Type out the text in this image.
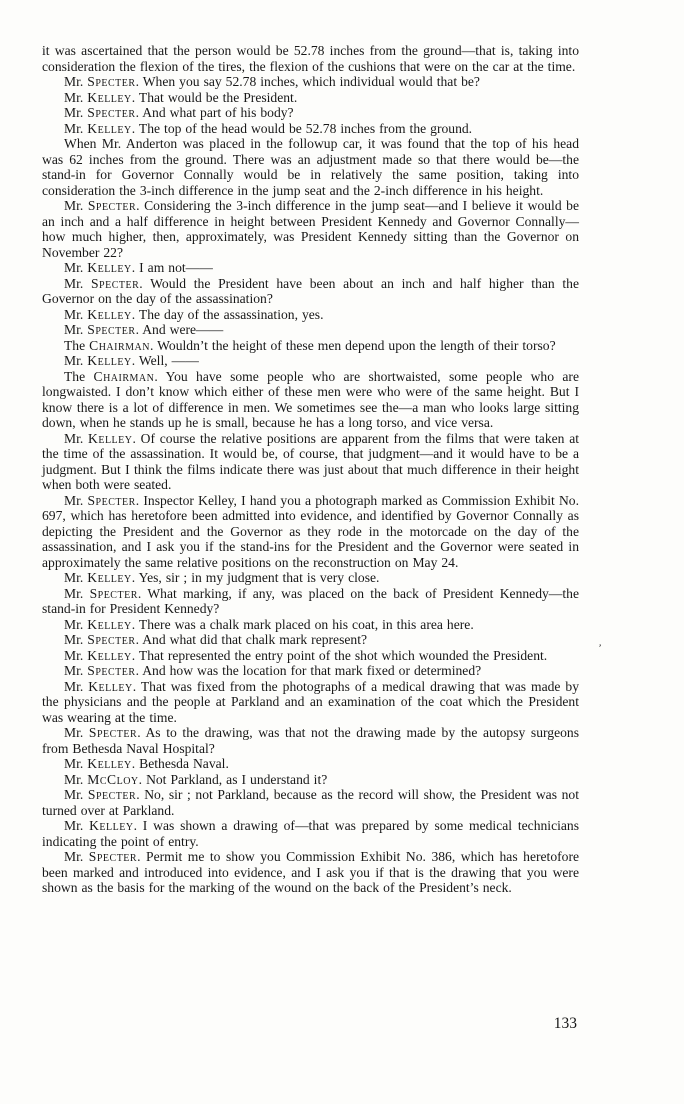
it was ascertained that the person would be 52.78 inches from the ground—that is, taking into consideration the flexion of the tires, the flexion of the cushions that were on the car at the time.

Mr. Specter. When you say 52.78 inches, which individual would that be?

Mr. Kelley. That would be the President.

Mr. Specter. And what part of his body?

Mr. Kelley. The top of the head would be 52.78 inches from the ground.

When Mr. Anderton was placed in the followup car, it was found that the top of his head was 62 inches from the ground. There was an adjustment made so that there would be—the stand-in for Governor Connally would be in relatively the same position, taking into consideration the 3-inch difference in the jump seat and the 2-inch difference in his height.

Mr. Specter. Considering the 3-inch difference in the jump seat—and I believe it would be an inch and a half difference in height between President Kennedy and Governor Connally—how much higher, then, approximately, was President Kennedy sitting than the Governor on November 22?

Mr. Kelley. I am not——

Mr. Specter. Would the President have been about an inch and half higher than the Governor on the day of the assassination?

Mr. Kelley. The day of the assassination, yes.

Mr. Specter. And were——

The Chairman. Wouldn’t the height of these men depend upon the length of their torso?

Mr. Kelley. Well, ——

The Chairman. You have some people who are shortwaisted, some people who are longwaisted. I don’t know which either of these men were who were of the same height. But I know there is a lot of difference in men. We sometimes see the—a man who looks large sitting down, when he stands up he is small, because he has a long torso, and vice versa.

Mr. Kelley. Of course the relative positions are apparent from the films that were taken at the time of the assassination. It would be, of course, that judgment—and it would have to be a judgment. But I think the films indicate there was just about that much difference in their height when both were seated.

Mr. Specter. Inspector Kelley, I hand you a photograph marked as Commission Exhibit No. 697, which has heretofore been admitted into evidence, and identified by Governor Connally as depicting the President and the Governor as they rode in the motorcade on the day of the assassination, and I ask you if the stand-ins for the President and the Governor were seated in approximately the same relative positions on the reconstruction on May 24.

Mr. Kelley. Yes, sir ; in my judgment that is very close.

Mr. Specter. What marking, if any, was placed on the back of President Kennedy—the stand-in for President Kennedy?

Mr. Kelley. There was a chalk mark placed on his coat, in this area here.

Mr. Specter. And what did that chalk mark represent?

Mr. Kelley. That represented the entry point of the shot which wounded the President.

Mr. Specter. And how was the location for that mark fixed or determined?

Mr. Kelley. That was fixed from the photographs of a medical drawing that was made by the physicians and the people at Parkland and an examination of the coat which the President was wearing at the time.

Mr. Specter. As to the drawing, was that not the drawing made by the autopsy surgeons from Bethesda Naval Hospital?

Mr. Kelley. Bethesda Naval.

Mr. McCloy. Not Parkland, as I understand it?

Mr. Specter. No, sir ; not Parkland, because as the record will show, the President was not turned over at Parkland.

Mr. Kelley. I was shown a drawing of—that was prepared by some medical technicians indicating the point of entry.

Mr. Specter. Permit me to show you Commission Exhibit No. 386, which has heretofore been marked and introduced into evidence, and I ask you if that is the drawing that you were shown as the basis for the marking of the wound on the back of the President’s neck.

133
’
